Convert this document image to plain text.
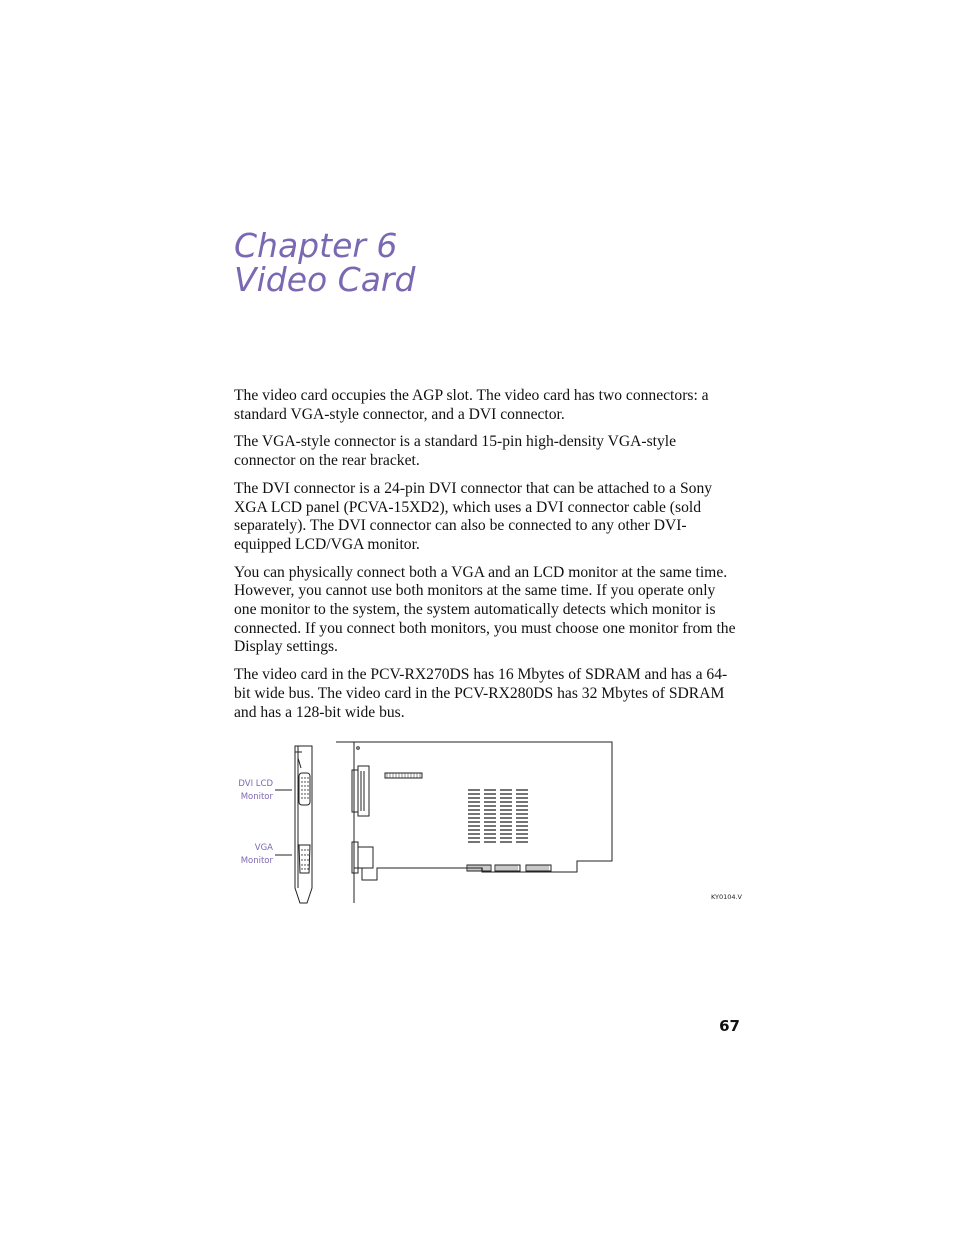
Chapter 6
Video Card

The video card occupies the AGP slot. The video card has two connectors: a standard VGA-style connector, and a DVI connector.

The VGA-style connector is a standard 15-pin high-density VGA-style connector on the rear bracket.

The DVI connector is a 24-pin DVI connector that can be attached to a Sony XGA LCD panel (PCVA-15XD2), which uses a DVI connector cable (sold separately). The DVI connector can also be connected to any other DVI-equipped LCD/VGA monitor.

You can physically connect both a VGA and an LCD monitor at the same time. However, you cannot use both monitors at the same time. If you operate only one monitor to the system, the system automatically detects which monitor is connected. If you connect both monitors, you must choose one monitor from the Display settings.

The video card in the PCV-RX270DS has 16 Mbytes of SDRAM and has a 64-bit wide bus. The video card in the PCV-RX280DS has 32 Mbytes of SDRAM and has a 128-bit wide bus.

DVI LCD
Monitor
VGA
Monitor
KY0104.V
67
